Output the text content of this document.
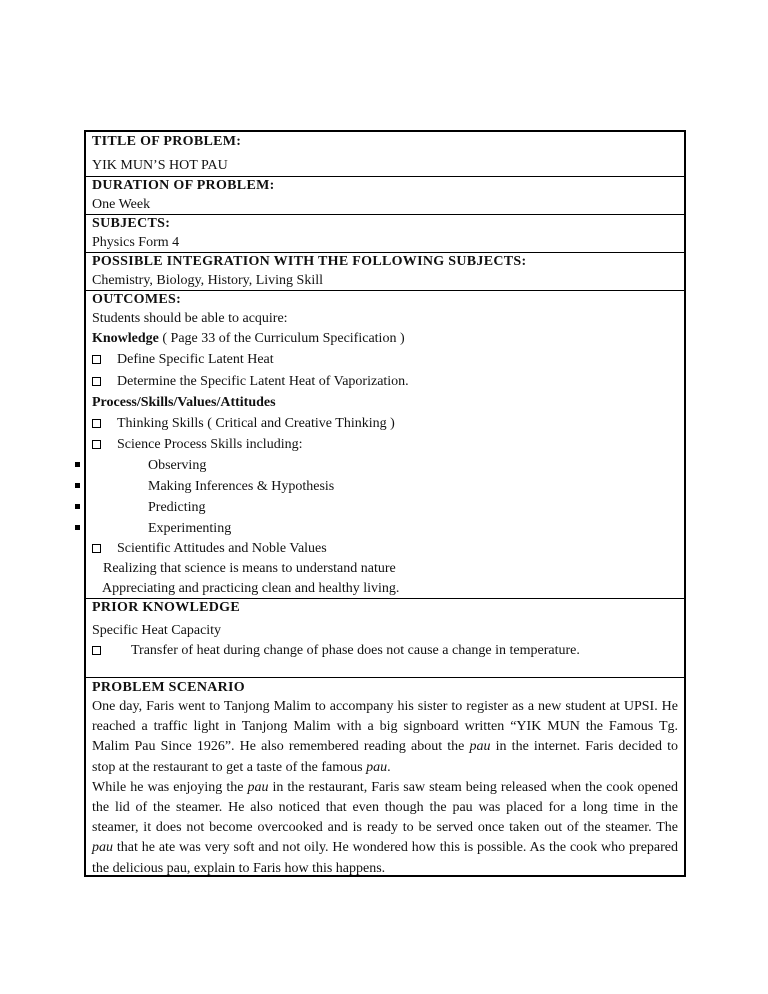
TITLE OF PROBLEM:
YIK MUN’S HOT PAU
DURATION OF PROBLEM:
One Week
SUBJECTS:
Physics Form 4
POSSIBLE INTEGRATION WITH THE FOLLOWING SUBJECTS:
Chemistry, Biology, History, Living Skill
OUTCOMES:
Students should be able to acquire:
Knowledge ( Page 33 of the Curriculum Specification )
Define Specific Latent Heat
Determine the Specific Latent Heat of Vaporization.
Process/Skills/Values/Attitudes
Thinking Skills ( Critical and Creative Thinking )
Science Process Skills including:
Observing
Making Inferences & Hypothesis
Predicting
Experimenting
Scientific Attitudes and Noble Values
Realizing that science is means to understand nature
Appreciating and practicing clean and healthy living.
PRIOR KNOWLEDGE
Specific Heat Capacity
Transfer of heat during change of phase does not cause a change in temperature.
PROBLEM SCENARIO
One day, Faris went to Tanjong Malim to accompany his sister to register as a new student at UPSI. He reached a traffic light in Tanjong Malim with a big signboard written “YIK MUN the Famous Tg. Malim Pau Since 1926”. He also remembered reading about the pau in the internet. Faris decided to stop at the restaurant to get a taste of the famous pau.
While he was enjoying the pau in the restaurant, Faris saw steam being released when the cook opened the lid of the steamer. He also noticed that even though the pau was placed for a long time in the steamer, it does not become overcooked and is ready to be served once taken out of the steamer. The pau that he ate was very soft and not oily. He wondered how this is possible. As the cook who prepared the delicious pau, explain to Faris how this happens.
